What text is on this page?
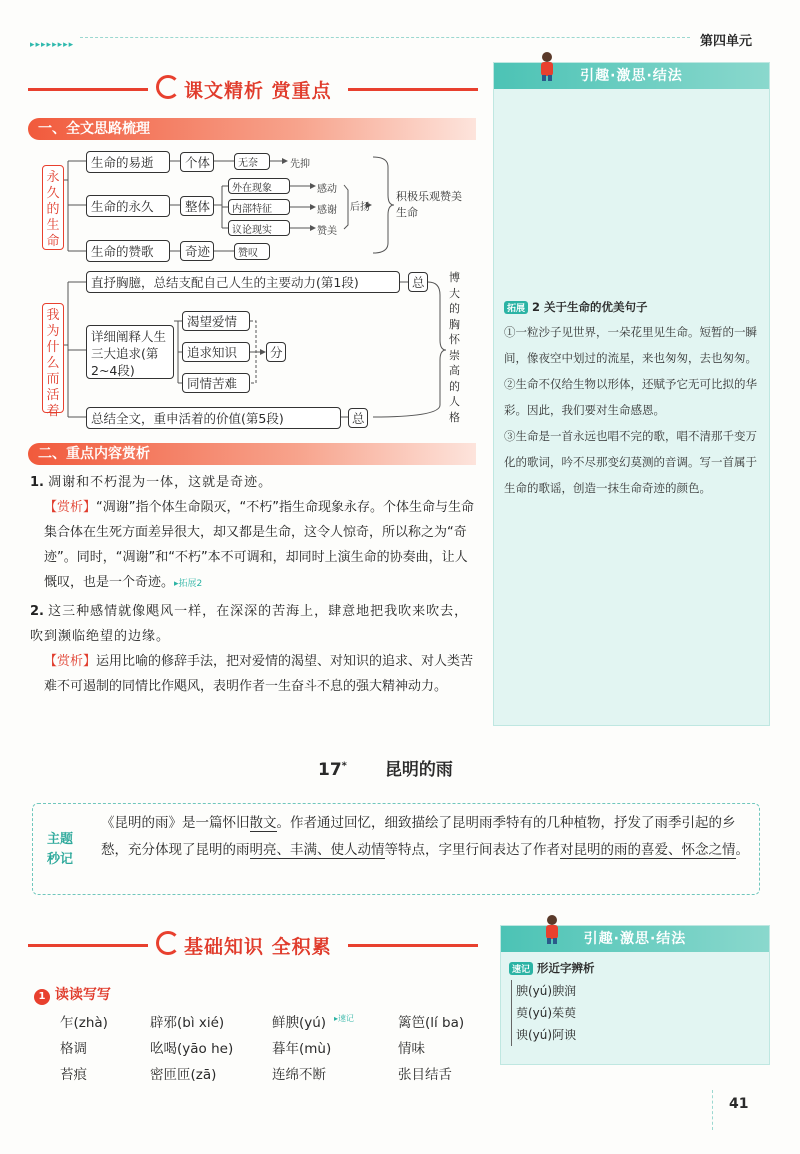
▸▸▸▸▸▸▸▸	第四单元
课文精析 赏重点
一、全文思路梳理
永久的生命
生命的易逝
生命的永久
生命的赞歌
个体
整体
奇迹
无奈	先抑
赞叹
外在现象
内部特征
议论现实
感动
感谢
赞美
后扬
积极乐观赞美生命
我为什么而活着
直抒胸臆，总结支配自己人生的主要动力(第1段)	总
详细阐释人生三大追求(第2~4段)
渴望爱情
追求知识
同情苦难
分
总结全文，重申活着的价值(第5段)	总
博大的胸怀崇高的人格
二、重点内容赏析
1. 凋谢和不朽混为一体，这就是奇迹。
【赏析】“凋谢”指个体生命陨灭，“不朽”指生命现象永存。个体生命与生命集合体在生死方面差异很大，却又都是生命，这令人惊奇，所以称之为“奇迹”。同时，“凋谢”和“不朽”本不可调和，却同时上演生命的协奏曲，让人慨叹，也是一个奇迹。▸拓展2
2. 这三种感情就像飓风一样，在深深的苦海上，肆意地把我吹来吹去，吹到濒临绝望的边缘。
【赏析】运用比喻的修辞手法，把对爱情的渴望、对知识的追求、对人类苦难不可遏制的同情比作飓风，表明作者一生奋斗不息的强大精神动力。
引趣·激思·结法
拓展 2 关于生命的优美句子
①一粒沙子见世界，一朵花里见生命。短暂的一瞬间，像夜空中划过的流星，来也匆匆，去也匆匆。
②生命不仅给生物以形体，还赋予它无可比拟的华彩。因此，我们要对生命感恩。
③生命是一首永远也唱不完的歌，唱不清那千变万化的歌词，吟不尽那变幻莫测的音调。写一首属于生命的歌谣，创造一抹生命奇迹的颜色。
17* 昆明的雨
主题秒记
《昆明的雨》是一篇怀旧散文。作者通过回忆，细致描绘了昆明雨季特有的几种植物，抒发了雨季引起的乡愁，充分体现了昆明的雨明亮、丰满、使人动情等特点，字里行间表达了作者对昆明的雨的喜爱、怀念之情。
基础知识 全积累
1 读读写写
乍(zhà)	辟邪(bì xié)	鲜腴(yú) ▸速记	篱笆(lí ba)
格调	吆喝(yāo he)	暮年(mù)	情味
苔痕	密匝匝(zā)	连绵不断	张目结舌
引趣·激思·结法
速记 形近字辨析
腴(yú)腴润
萸(yú)茱萸
谀(yú)阿谀
41
